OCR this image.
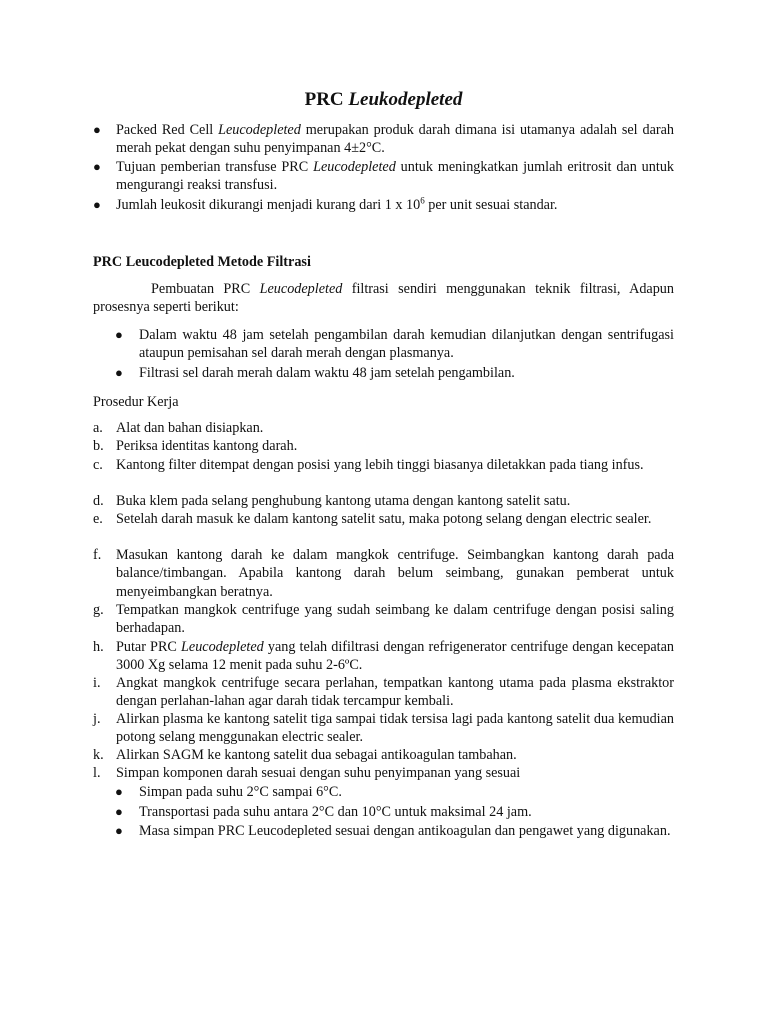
PRC Leukodepleted
●	Packed Red Cell Leucodepleted merupakan produk darah dimana isi utamanya adalah sel darah merah pekat dengan suhu penyimpanan 4±2°C.
●	Tujuan pemberian transfuse PRC Leucodepleted untuk meningkatkan jumlah eritrosit dan untuk mengurangi reaksi transfusi.
●	Jumlah leukosit dikurangi menjadi kurang dari 1 x $10^6$ per unit sesuai standar.
PRC Leucodepleted Metode Filtrasi
Pembuatan PRC Leucodepleted filtrasi sendiri menggunakan teknik filtrasi, Adapun prosesnya seperti berikut:
●	Dalam waktu 48 jam setelah pengambilan darah kemudian dilanjutkan dengan sentrifugasi ataupun pemisahan sel darah merah dengan plasmanya.
●	Filtrasi sel darah merah dalam waktu 48 jam setelah pengambilan.
Prosedur Kerja
a. Alat dan bahan disiapkan.
b. Periksa identitas kantong darah.
c. Kantong filter ditempat dengan posisi yang lebih tinggi biasanya diletakkan pada tiang infus.
d. Buka klem pada selang penghubung kantong utama dengan kantong satelit satu.
e. Setelah darah masuk ke dalam kantong satelit satu, maka potong selang dengan electric sealer.
f.	Masukan kantong darah ke dalam mangkok centrifuge. Seimbangkan kantong darah pada balance/timbangan. Apabila kantong darah belum seimbang, gunakan pemberat untuk menyeimbangkan beratnya.
g. Tempatkan mangkok centrifuge yang sudah seimbang ke dalam centrifuge dengan posisi saling berhadapan.
h. Putar PRC Leucodepleted yang telah difiltrasi dengan refrigenerator centrifuge dengan kecepatan 3000 Xg selama 12 menit pada suhu 2-6ºC.
i.	Angkat mangkok centrifuge secara perlahan, tempatkan kantong utama pada plasma ekstraktor dengan perlahan-lahan agar darah tidak tercampur kembali.
j.	Alirkan plasma ke kantong satelit tiga sampai tidak tersisa lagi pada kantong satelit dua kemudian potong selang menggunakan electric sealer.
k. Alirkan SAGM ke kantong satelit dua sebagai antikoagulan tambahan.
l.	Simpan komponen darah sesuai dengan suhu penyimpanan yang sesuai
●	Simpan pada suhu 2°C sampai 6°C.
●	Transportasi pada suhu antara 2°C dan 10°C untuk maksimal 24 jam.
●	Masa simpan PRC Leucodepleted sesuai dengan antikoagulan dan pengawet yang digunakan.
